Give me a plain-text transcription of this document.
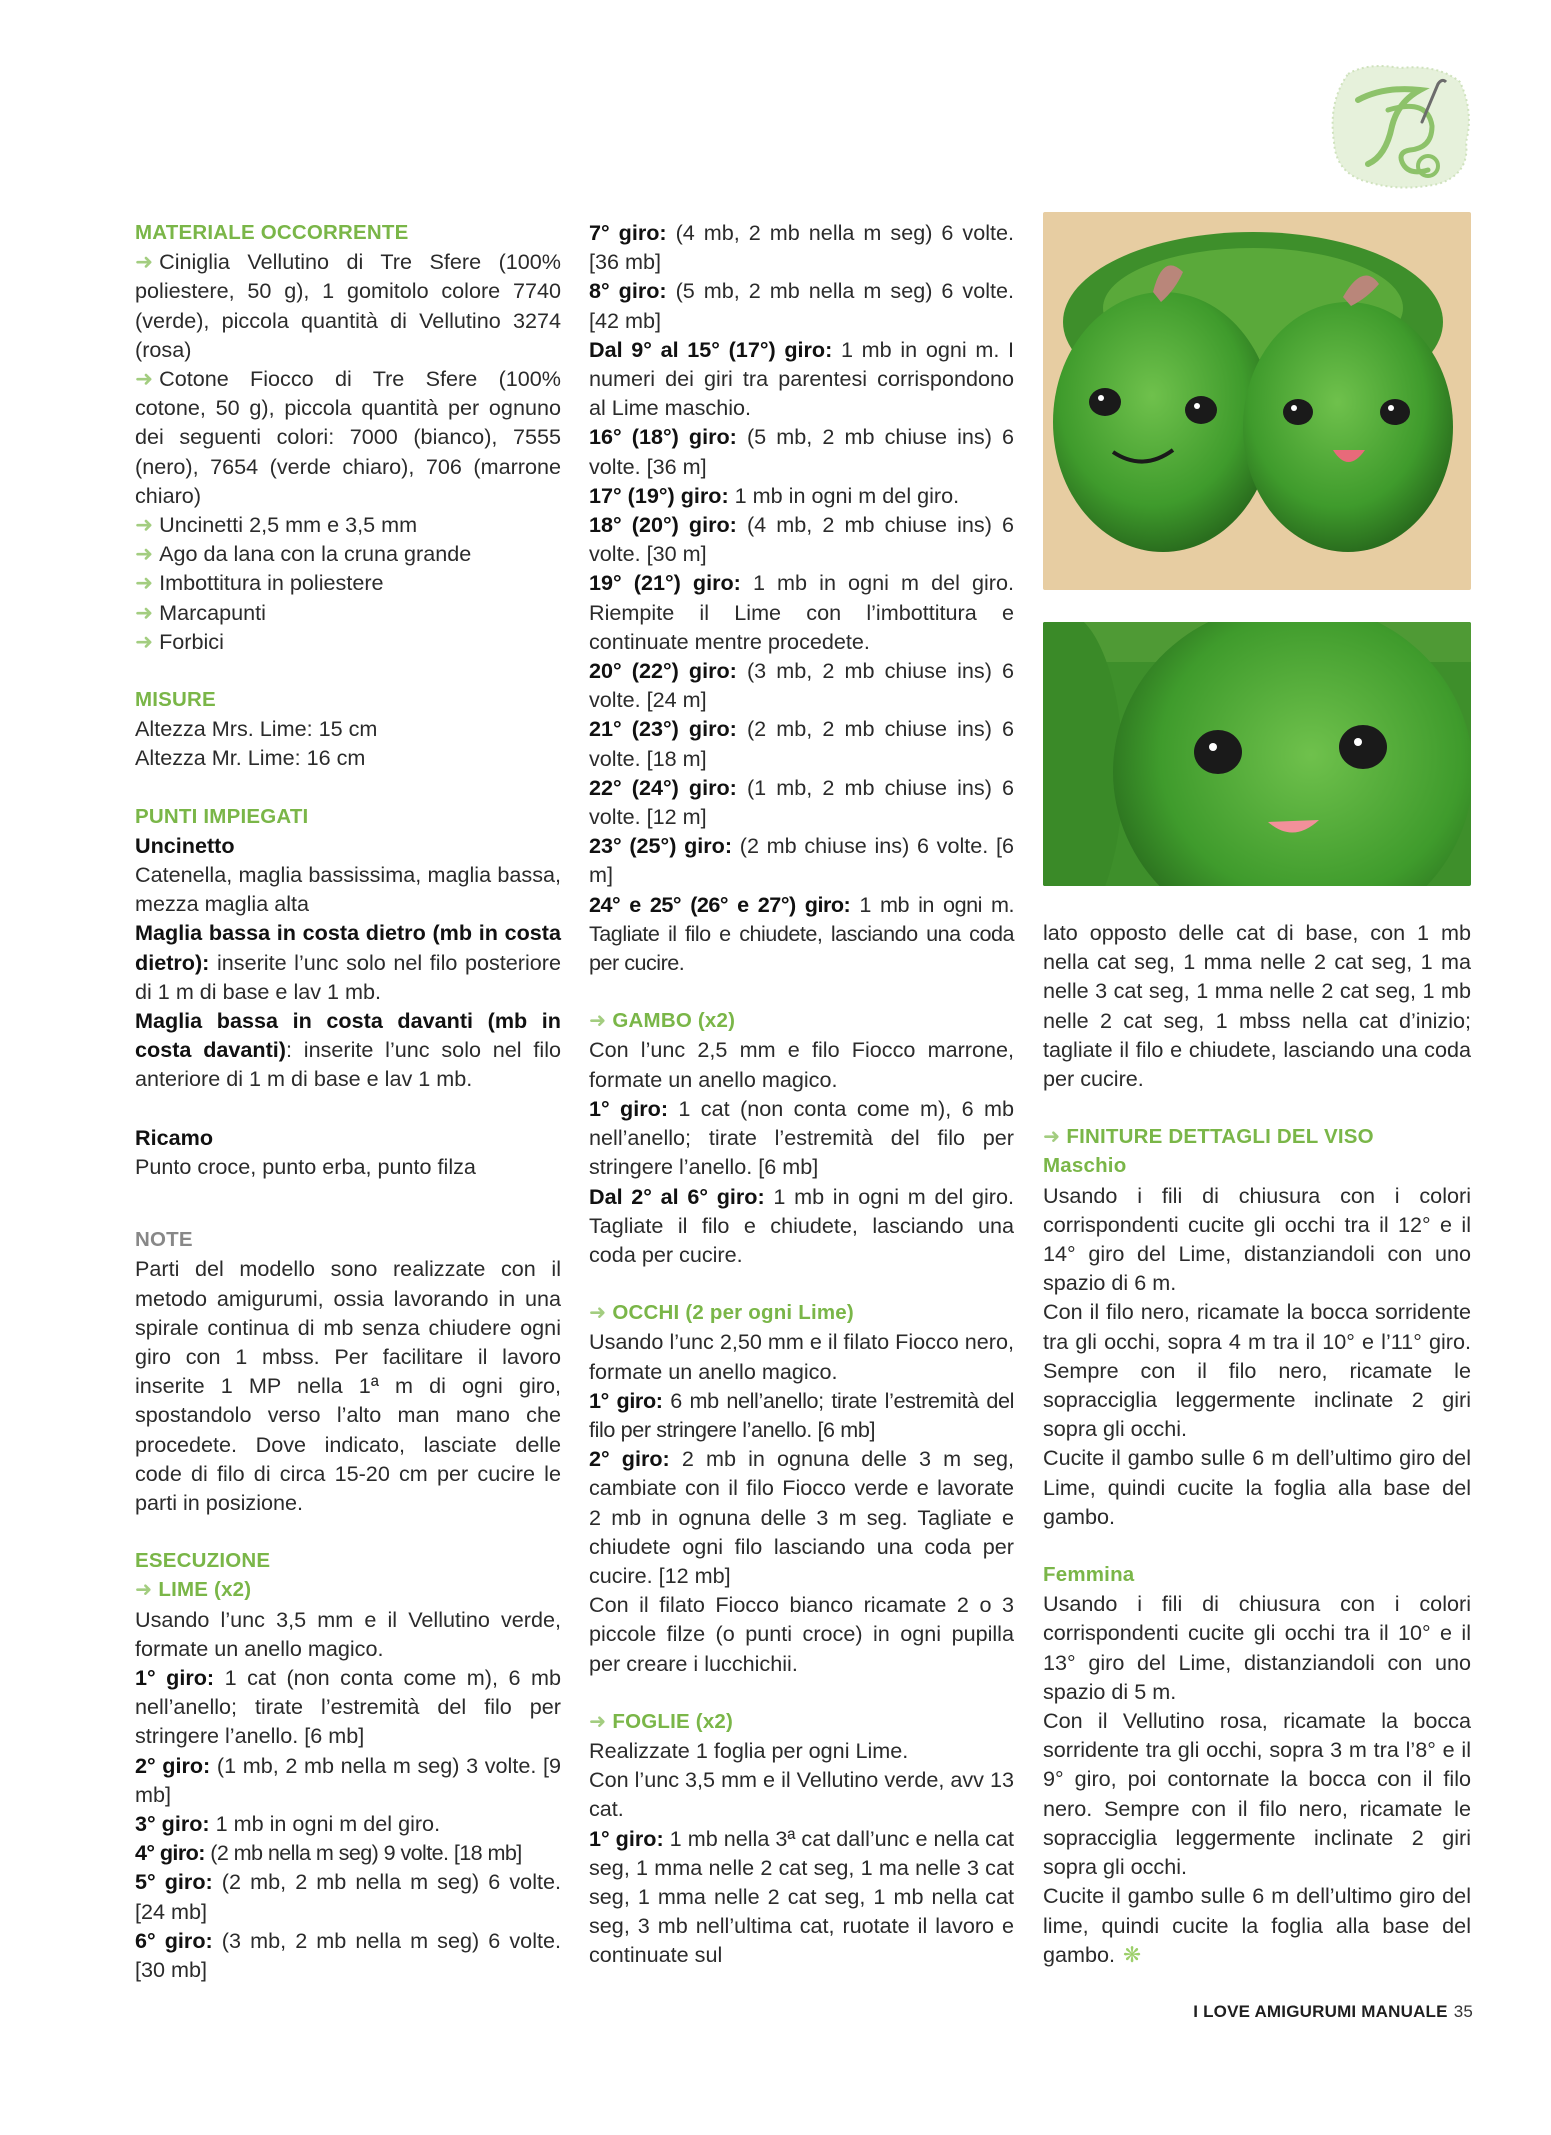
MATERIALE OCCORRENTE

➜ Ciniglia Vellutino di Tre Sfere (100% poliestere, 50 g), 1 gomitolo colore 7740 (verde), piccola quantità di Vellutino 3274 (rosa)

➜ Cotone Fiocco di Tre Sfere (100% cotone, 50 g), piccola quantità per ognuno dei seguenti colori: 7000 (bianco), 7555 (nero), 7654 (verde chiaro), 706 (marrone chiaro)

➜ Uncinetti 2,5 mm e 3,5 mm

➜ Ago da lana con la cruna grande

➜ Imbottitura in poliestere

➜ Marcapunti

➜ Forbici

MISURE

Altezza Mrs. Lime: 15 cm

Altezza Mr. Lime: 16 cm

PUNTI IMPIEGATI

Uncinetto

Catenella, maglia bassissima, maglia bassa, mezza maglia alta

Maglia bassa in costa dietro (mb in costa dietro): inserite l’unc solo nel filo posteriore di 1 m di base e lav 1 mb.

Maglia bassa in costa davanti (mb in costa davanti): inserite l’unc solo nel filo anteriore di 1 m di base e lav 1 mb.

Ricamo

Punto croce, punto erba, punto filza

NOTE

Parti del modello sono realizzate con il metodo amigurumi, ossia lavorando in una spirale continua di mb senza chiudere ogni giro con 1 mbss. Per facilitare il lavoro inserite 1 MP nella 1ª m di ogni giro, spostandolo verso l’alto man mano che procedete. Dove indicato, lasciate delle code di filo di circa 15-20 cm per cucire le parti in posizione.

ESECUZIONE

➜ LIME (x2)

Usando l’unc 3,5 mm e il Vellutino verde, formate un anello magico.

1° giro: 1 cat (non conta come m), 6 mb nell’anello; tirate l’estremità del filo per stringere l’anello. [6 mb]

2° giro: (1 mb, 2 mb nella m seg) 3 volte. [9 mb]

3° giro: 1 mb in ogni m del giro.

4° giro: (2 mb nella m seg) 9 volte. [18 mb]

5° giro: (2 mb, 2 mb nella m seg) 6 volte. [24 mb]

6° giro: (3 mb, 2 mb nella m seg) 6 volte. [30 mb]

7° giro: (4 mb, 2 mb nella m seg) 6 volte. [36 mb]

8° giro: (5 mb, 2 mb nella m seg) 6 volte. [42 mb]

Dal 9° al 15° (17°) giro: 1 mb in ogni m. I numeri dei giri tra parentesi corrispondono al Lime maschio.

16° (18°) giro: (5 mb, 2 mb chiuse ins) 6 volte. [36 m]

17° (19°) giro: 1 mb in ogni m del giro.

18° (20°) giro: (4 mb, 2 mb chiuse ins) 6 volte. [30 m]

19° (21°) giro: 1 mb in ogni m del giro. Riempite il Lime con l’imbottitura e continuate mentre procedete.

20° (22°) giro: (3 mb, 2 mb chiuse ins) 6 volte. [24 m]

21° (23°) giro: (2 mb, 2 mb chiuse ins) 6 volte. [18 m]

22° (24°) giro: (1 mb, 2 mb chiuse ins) 6 volte. [12 m]

23° (25°) giro: (2 mb chiuse ins) 6 volte. [6 m]

24° e 25° (26° e 27°) giro: 1 mb in ogni m. Tagliate il filo e chiudete, lasciando una coda per cucire.

➜ GAMBO (x2)

Con l’unc 2,5 mm e filo Fiocco marrone, formate un anello magico.

1° giro: 1 cat (non conta come m), 6 mb nell’anello; tirate l’estremità del filo per stringere l’anello. [6 mb]

Dal 2° al 6° giro: 1 mb in ogni m del giro. Tagliate il filo e chiudete, lasciando una coda per cucire.

➜ OCCHI (2 per ogni Lime)

Usando l’unc 2,50 mm e il filato Fiocco nero, formate un anello magico.

1° giro: 6 mb nell’anello; tirate l’estremità del filo per stringere l’anello. [6 mb]

2° giro: 2 mb in ognuna delle 3 m seg, cambiate con il filo Fiocco verde e lavorate 2 mb in ognuna delle 3 m seg. Tagliate e chiudete ogni filo lasciando una coda per cucire. [12 mb]

Con il filato Fiocco bianco ricamate 2 o 3 piccole filze (o punti croce) in ogni pupilla per creare i lucchichii.

➜ FOGLIE (x2)

Realizzate 1 foglia per ogni Lime.

Con l’unc 3,5 mm e il Vellutino verde, avv 13 cat.

1° giro: 1 mb nella 3ª cat dall’unc e nella cat seg, 1 mma nelle 2 cat seg, 1 ma nelle 3 cat seg, 1 mma nelle 2 cat seg, 1 mb nella cat seg, 3 mb nell’ultima cat, ruotate il lavoro e continuate sul

lato opposto delle cat di base, con 1 mb nella cat seg, 1 mma nelle 2 cat seg, 1 ma nelle 3 cat seg, 1 mma nelle 2 cat seg, 1 mb nelle 2 cat seg, 1 mbss nella cat d’inizio; tagliate il filo e chiudete, lasciando una coda per cucire.

➜ FINITURE DETTAGLI DEL VISO

Maschio

Usando i fili di chiusura con i colori corrispondenti cucite gli occhi tra il 12° e il 14° giro del Lime, distanziandoli con uno spazio di 6 m.

Con il filo nero, ricamate la bocca sorridente tra gli occhi, sopra 4 m tra il 10° e l’11° giro. Sempre con il filo nero, ricamate le sopracciglia leggermente inclinate 2 giri sopra gli occhi.

Cucite il gambo sulle 6 m dell’ultimo giro del Lime, quindi cucite la foglia alla base del gambo.

Femmina

Usando i fili di chiusura con i colori corrispondenti cucite gli occhi tra il 10° e il 13° giro del Lime, distanziandoli con uno spazio di 5 m.

Con il Vellutino rosa, ricamate la bocca sorridente tra gli occhi, sopra 3 m tra l’8° e il 9° giro, poi contornate la bocca con il filo nero. Sempre con il filo nero, ricamate le sopracciglia leggermente inclinate 2 giri sopra gli occhi.

Cucite il gambo sulle 6 m dell’ultimo giro del lime, quindi cucite la foglia alla base del gambo. ❋

I LOVE AMIGURUMI MANUALE 35
